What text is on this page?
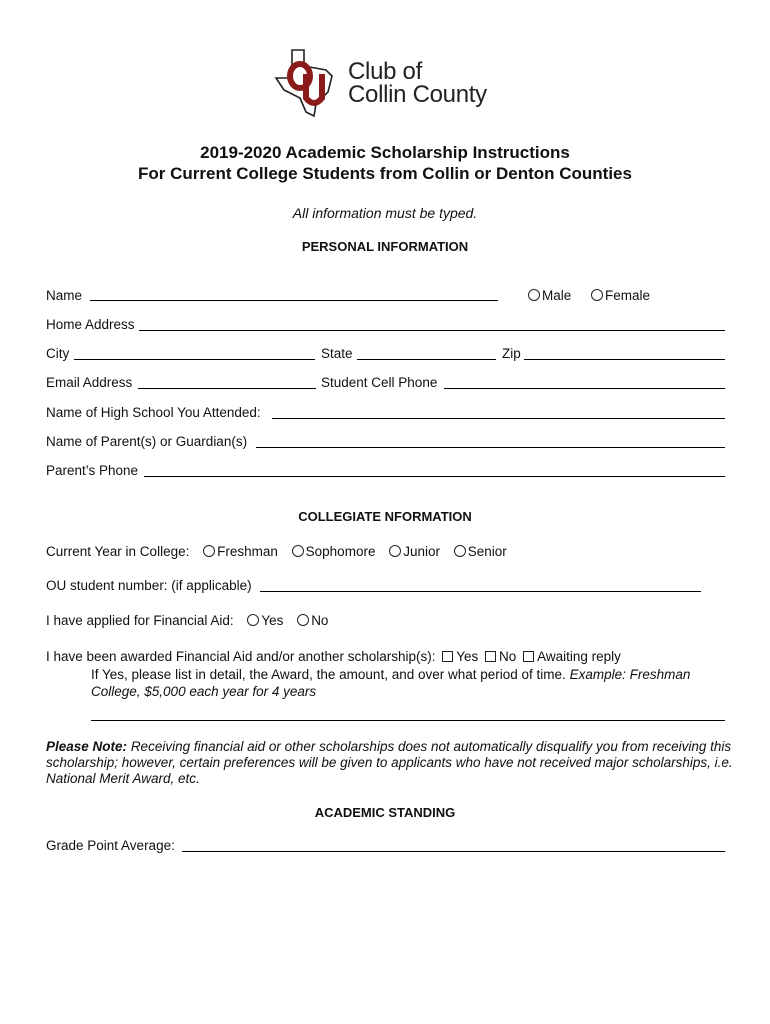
Club of
Collin County
2019-2020 Academic Scholarship Instructions
For Current College Students from Collin or Denton Counties
All information must be typed.
PERSONAL INFORMATION
Name	Male	Female
Home Address
City	State	Zip
Email Address	Student Cell Phone
Name of High School You Attended:
Name of Parent(s) or Guardian(s)
Parent’s Phone
COLLEGIATE NFORMATION
Current Year in College: Freshman Sophomore Junior Senior
OU student number: (if applicable)
I have applied for Financial Aid: Yes No
I have been awarded Financial Aid and/or another scholarship(s): Yes No Awaiting reply
If Yes, please list in detail, the Award, the amount, and over what period of time. Example: Freshman College, $5,000 each year for 4 years
Please Note: Receiving financial aid or other scholarships does not automatically disqualify you from receiving this scholarship; however, certain preferences will be given to applicants who have not received major scholarships, i.e. National Merit Award, etc.
ACADEMIC STANDING
Grade Point Average:
